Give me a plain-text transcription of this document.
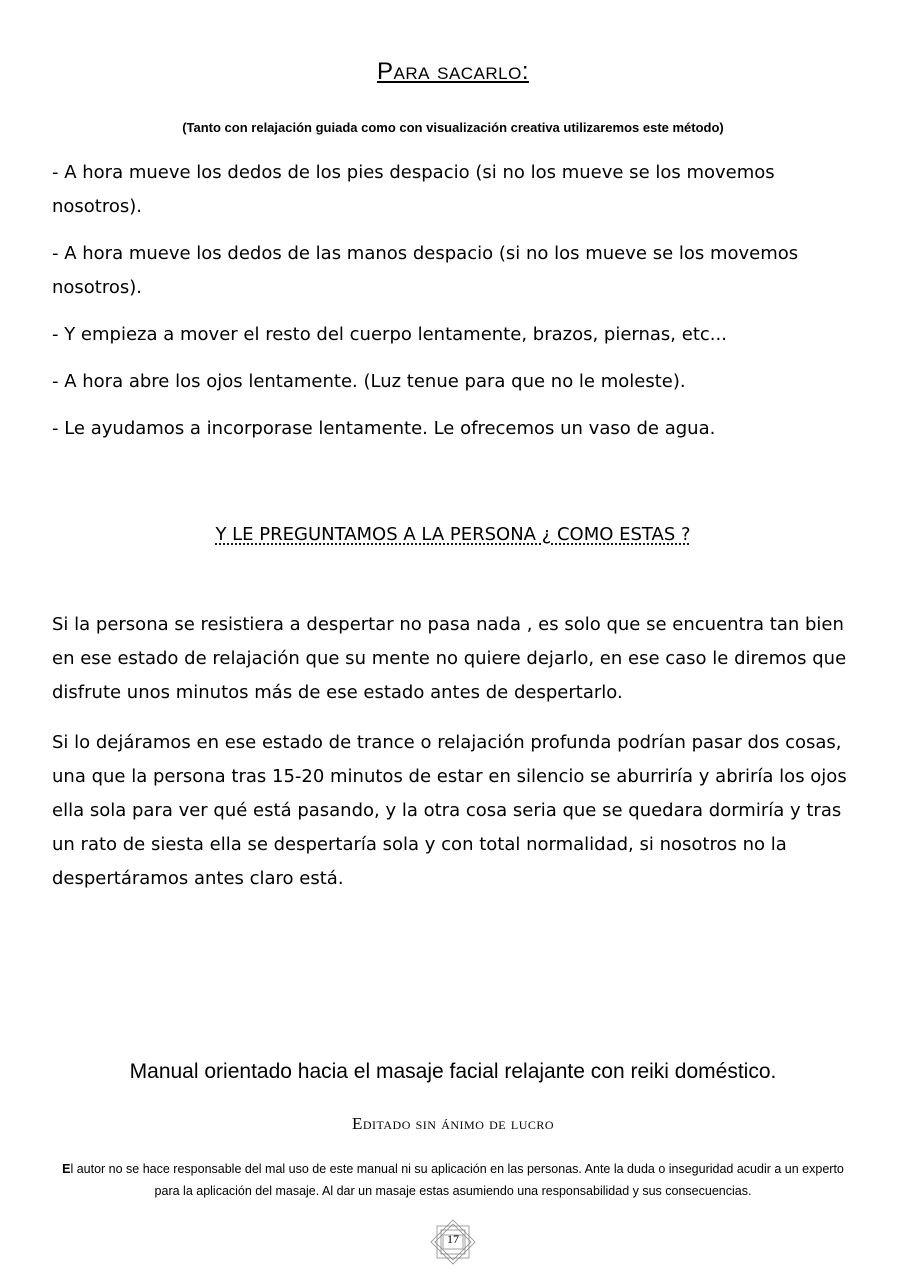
Para sacarlo:
(Tanto con relajación guiada como con visualización creativa utilizaremos este método)

- A hora mueve los dedos de los pies despacio (si no los mueve se los movemos nosotros).

- A hora mueve los dedos de las manos despacio (si no los mueve se los movemos nosotros).

- Y empieza a mover el resto del cuerpo lentamente, brazos, piernas, etc...

- A hora abre los ojos lentamente. (Luz tenue para que no le moleste).

- Le ayudamos a incorporase lentamente. Le ofrecemos un vaso de agua.

Y LE PREGUNTAMOS A LA PERSONA ¿ COMO ESTAS ?

Si la persona se resistiera a despertar no pasa nada , es solo que se encuentra tan bien en ese estado de relajación que su mente no quiere dejarlo, en ese caso le diremos que disfrute unos minutos más de ese estado antes de despertarlo.

Si lo dejáramos en ese estado de trance o relajación profunda podrían pasar dos cosas, una que la persona tras 15-20 minutos de estar en silencio se aburriría y abriría los ojos ella sola para ver qué está pasando, y la otra cosa seria que se quedara dormiría y tras un rato de siesta ella se despertaría sola y con total normalidad, si nosotros no la despertáramos antes claro está.

Manual orientado hacia el masaje facial relajante con reiki doméstico.
Editado sin ánimo de lucro
El autor no se hace responsable del mal uso de este manual ni su aplicación en las personas. Ante la duda o inseguridad acudir a un experto para la aplicación del masaje. Al dar un masaje estas asumiendo una responsabilidad y sus consecuencias.
17
